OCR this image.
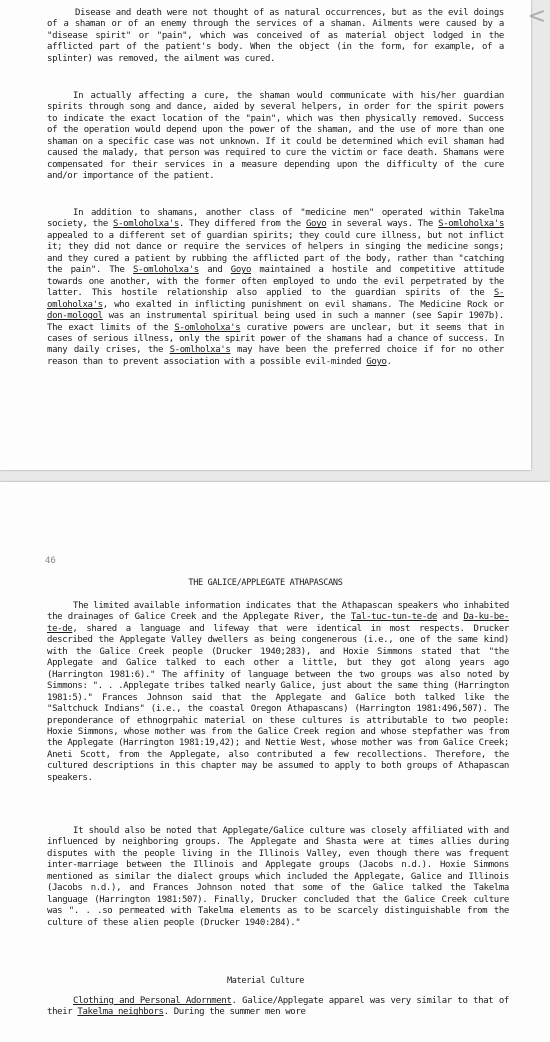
Disease and death were not thought of as natural occurrences, but as the evil doings of a shaman or of an enemy through the services of a shaman. Ailments were caused by a "disease spirit" or "pain", which was conceived of as material object lodged in the afflicted part of the patient's body. When the object (in the form, for example, of a splinter) was removed, the ailment was cured.

In actually affecting a cure, the shaman would communicate with his/her guardian spirits through song and dance, aided by several helpers, in order for the spirit powers to indicate the exact location of the "pain", which was then physically removed. Success of the operation would depend upon the power of the shaman, and the use of more than one shaman on a specific case was not unknown. If it could be determined which evil shaman had caused the malady, that person was required to cure the victim or face death. Shamans were compensated for their services in a measure depending upon the difficulty of the cure and/or importance of the patient.

In addition to shamans, another class of "medicine men" operated within Takelma society, the S-omloholxa's. They differed from the Goyo in several ways. The S-omloholxa's appealed to a different set of guardian spirits; they could cure illness, but not inflict it; they did not dance or require the services of helpers in singing the medicine songs; and they cured a patient by rubbing the afflicted part of the body, rather than "catching the pain". The S-omloholxa's and Goyo maintained a hostile and competitive attitude towards one another, with the former often employed to undo the evil perpetrated by the latter. This hostile relationship also applied to the guardian spirits of the S-omloholxa's, who exalted in inflicting punishment on evil shamans. The Medicine Rock or don-mologol was an instrumental spiritual being used in such a manner (see Sapir 1907b). The exact limits of the S-omloholxa's curative powers are unclear, but it seems that in cases of serious illness, only the spirit power of the shamans had a chance of success. In many daily crises, the S-omlholxa's may have been the preferred choice if for no other reason than to prevent association with a possible evil-minded Goyo.

<
46

THE GALICE/APPLEGATE ATHAPASCANS

The limited available information indicates that the Athapascan speakers who inhabited the drainages of Galice Creek and the Applegate River, the Tal-tuc-tun-te-de and Da-ku-be-te-de, shared a language and lifeway that were identical in most respects. Drucker described the Applegate Valley dwellers as being congenerous (i.e., one of the same kind) with the Galice Creek people (Drucker 1940;283), and Hoxie Simmons stated that "the Applegate and Galice talked to each other a little, but they got along years ago (Harrington 1981:6)." The affinity of language between the two groups was also noted by Simmons: ". . .Applegate tribes talked nearly Galice, just about the same thing (Harrington 1981:5)." Frances Johnson said that the Applegate and Galice both talked like the "Saltchuck Indians" (i.e., the coastal Oregon Athapascans) (Harrington 1981:496,507). The preponderance of ethnogrpahic material on these cultures is attributable to two people: Hoxie Simmons, whose mother was from the Galice Creek region and whose stepfather was from the Applegate (Harrington 1981:19,42); and Nettie West, whose mother was from Galice Creek; Aneti Scott, from the Applegate, also contributed a few recollections. Therefore, the cultured descriptions in this chapter may be assumed to apply to both groups of Athapascan speakers.

It should also be noted that Applegate/Galice culture was closely affiliated with and influenced by neighboring groups. The Applegate and Shasta were at times allies during disputes with the people living in the Illinois Valley, even though there was frequent inter-marriage between the Illinois and Applegate groups (Jacobs n.d.). Hoxie Simmons mentioned as similar the dialect groups which included the Applegate, Galice and Illinois (Jacobs n.d.), and Frances Johnson noted that some of the Galice talked the Takelma language (Harrington 1981:507). Finally, Drucker concluded that the Galice Creek culture was ". . .so permeated with Takelma elements as to be scarcely distinguishable from the culture of these alien people (Drucker 1940:284)."

Material Culture

Clothing and Personal Adornment. Galice/Applegate apparel was very similar to that of their Takelma neighbors. During the summer men wore
